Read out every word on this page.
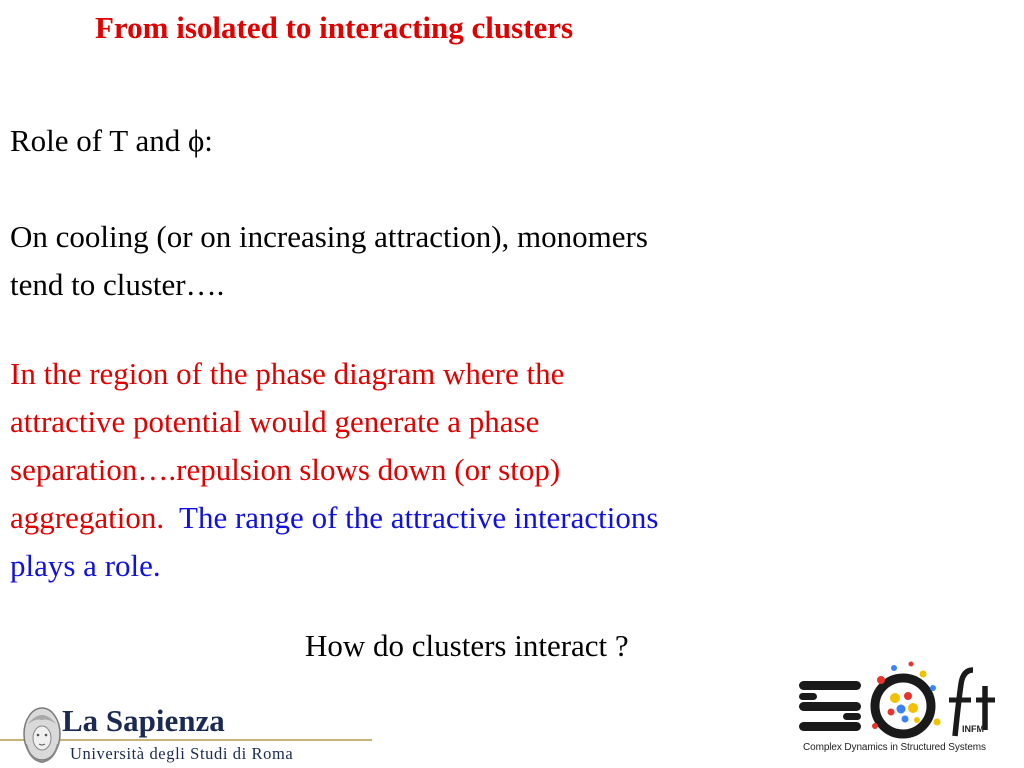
From isolated to interacting clusters
Role of T and ϕ:
On cooling (or on increasing attraction), monomers
tend to cluster….
In the region of the phase diagram where the
attractive potential would generate a phase
separation….repulsion slows down (or stop)
aggregation.  The range of the attractive interactions
plays a role.
How do clusters interact ?
La Sapienza
Università degli Studi di Roma
INFM
Complex Dynamics in Structured Systems
